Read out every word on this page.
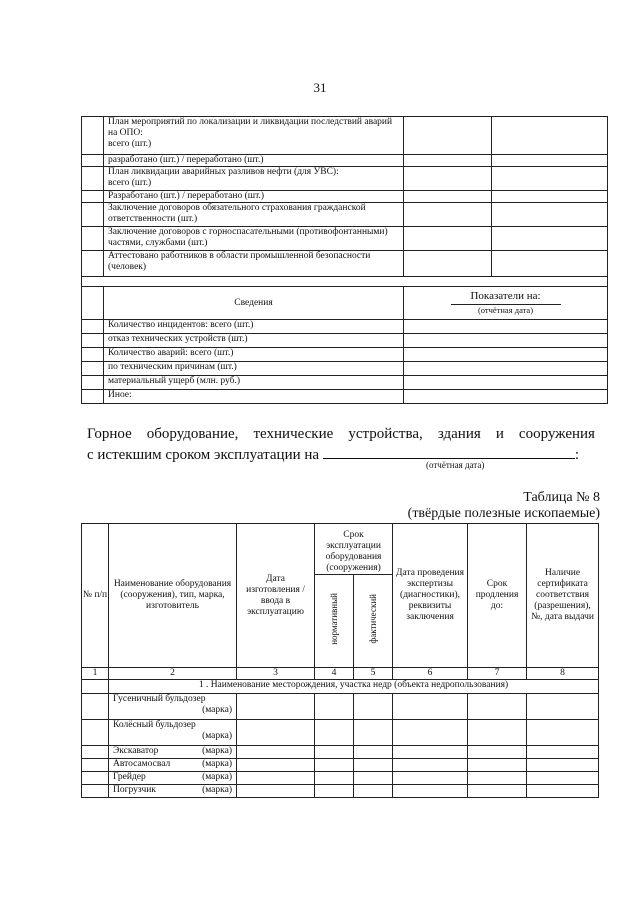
31
	План мероприятий по локализации и ликвидации последствий аварий на ОПО:
всего (шт.)		
	разработано (шт.) / переработано (шт.)		
	План ликвидации аварийных разливов нефти (для УВС):
всего (шт.)		
	Разработано (шт.) / переработано (шт.)		
	Заключение договоров обязательного страхования гражданской ответственности (шт.)		
	Заключение договоров с горноспасательными (противофонтанными) частями, службами (шт.)		
	Аттестовано работников в области промышленной безопасности (человек)		

	Сведения	Показатели на:
(отчётная дата)	

	Количество инцидентов: всего (шт.)		
	отказ технических устройств (шт.)		
	Количество аварий: всего (шт.)		
	по техническим причинам (шт.)		
	материальный ущерб (млн. руб.)		
	Иное:		
Горное оборудование, технические устройства, здания и сооружения
с истекшим сроком эксплуатации на	:
(отчётная дата)
Таблица № 8
(твёрдые полезные ископаемые)
№ п/п	Наименование оборудования (сооружения), тип, марка, изготовитель	Дата изготовления / ввода в эксплуатацию	Срок эксплуатации оборудования (сооружения)		Дата проведения экспертизы (диагностики), реквизиты заключения	Срок продления до:	Наличие сертификата соответствия (разрешения), №, дата выдачи
			нормативный	фактический			
1	2	3	4	5	6	7	8
	1 . Наименование месторождения, участка недр (объекта недропользования)						

	Гусеничный бульдозер
(марка)						

	Колёсный бульдозер
(марка)						

	Экскаватор (марка)						

	Автосамосвал (марка)						

	Грейдер (марка)						

	Погрузчик (марка)						
